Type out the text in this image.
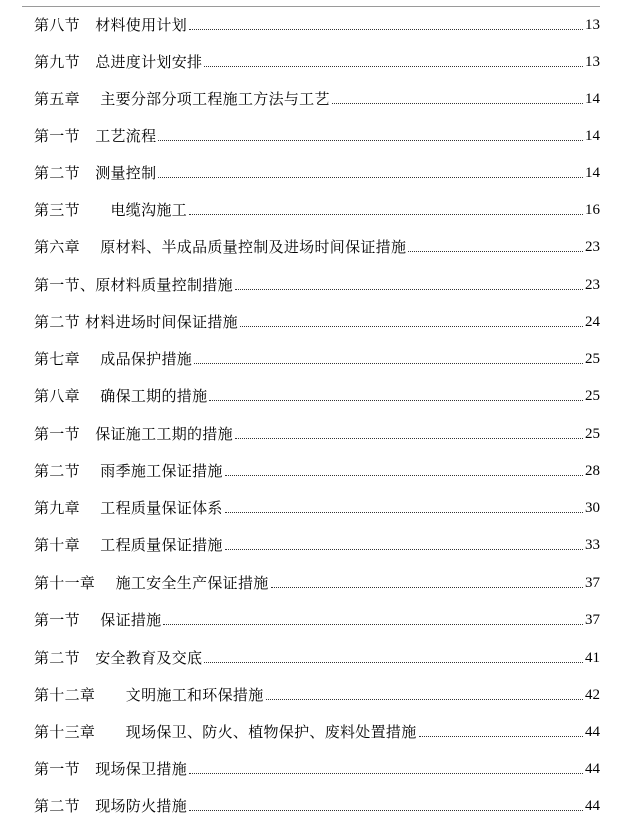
第八节　材料使用计划	13
第九节　总进度计划安排	13
第五章　 主要分部分项工程施工方法与工艺	14
第一节　工艺流程	14
第二节　测量控制	14
第三节　　电缆沟施工	16
第六章　 原材料、半成品质量控制及进场时间保证措施	23
第一节、原材料质量控制措施	23
第二节 材料进场时间保证措施	24
第七章　 成品保护措施	25
第八章　 确保工期的措施	25
第一节　保证施工工期的措施	25
第二节　 雨季施工保证措施	28
第九章　 工程质量保证体系	30
第十章　 工程质量保证措施	33
第十一章　 施工安全生产保证措施	37
第一节　 保证措施	37
第二节　安全教育及交底	41
第十二章　　文明施工和环保措施	42
第十三章　　现场保卫、防火、植物保护、废料处置措施	44
第一节　现场保卫措施	44
第二节　现场防火措施	44
